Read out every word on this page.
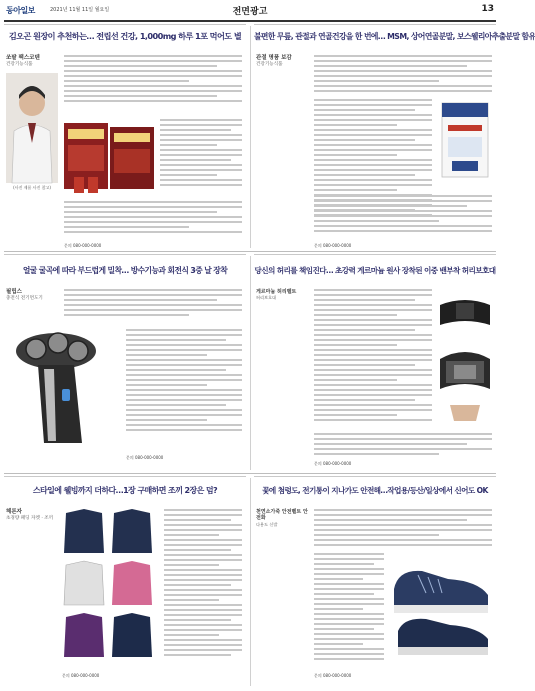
동아일보	2021년 11월 11일 월요일	전면광고	13
김오곤 원장이 추천하는… 전립선 건강, 1,000mg 하루 1포 먹어도 별
쏘팔 팩스코텐
건강기능식품
(사진 제품 사진 참고)
문의 080-000-0000
불편한 무릎, 관절과 연골건강을 한 번에… MSM, 상어연골분말, 보스웰리아추출분말 함유
관절 명품 보감
건강기능식품
문의 080-000-0000
얼굴 굴곡에 따라 부드럽게 밀착… 방수기능과 회전식 3중 날 장착
필립스
충전식 전기면도기
문의 080-000-0000
당신의 허리를 책임진다… 초강력 게르마늄 원사 장착된 이중 밴부착 허리보호대
게르마늄 허리벨트
허리보호대
문의 080-000-0000
스타일에 웰빙까지 더하다…1장 구매하면 조끼 2장은 덤?
헤론자
초경량 패딩 자켓 · 조끼
문의 080-000-0000
꽃에 첨렁도, 전기통이 지나가도 안전해…작업용/등산/일상에서 신어도 OK
천연소가죽 안전벨트 안전화
다용도 신발
문의 080-000-0000
